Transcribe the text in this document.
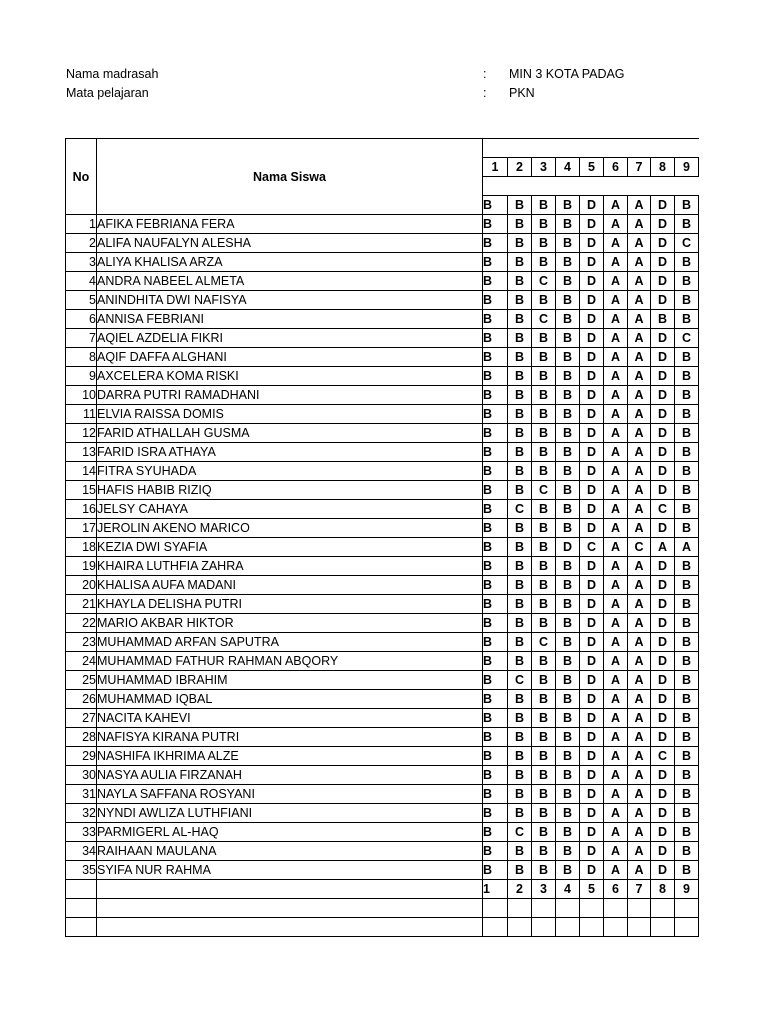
Nama madrasah	: MIN 3 KOTA PADAG
Mata pelajaran	: PKN
No	Nama Siswa									
		1	2	3	4	5	6	7	8	9

		B	B	B	B	D	A	A	D	B
1	AFIKA FEBRIANA FERA	B	B	B	B	D	A	A	D	B
2	ALIFA NAUFALYN ALESHA	B	B	B	B	D	A	A	D	C
3	ALIYA KHALISA ARZA	B	B	B	B	D	A	A	D	B
4	ANDRA NABEEL ALMETA	B	B	C	B	D	A	A	D	B
5	ANINDHITA DWI NAFISYA	B	B	B	B	D	A	A	D	B
6	ANNISA FEBRIANI	B	B	C	B	D	A	A	B	B
7	AQIEL AZDELIA FIKRI	B	B	B	B	D	A	A	D	C
8	AQIF DAFFA ALGHANI	B	B	B	B	D	A	A	D	B
9	AXCELERA KOMA RISKI	B	B	B	B	D	A	A	D	B
10	DARRA PUTRI RAMADHANI	B	B	B	B	D	A	A	D	B
11	ELVIA RAISSA DOMIS	B	B	B	B	D	A	A	D	B
12	FARID ATHALLAH GUSMA	B	B	B	B	D	A	A	D	B
13	FARID ISRA ATHAYA	B	B	B	B	D	A	A	D	B
14	FITRA SYUHADA	B	B	B	B	D	A	A	D	B
15	HAFIS HABIB RIZIQ	B	B	C	B	D	A	A	D	B
16	JELSY CAHAYA	B	C	B	B	D	A	A	C	B
17	JEROLIN AKENO MARICO	B	B	B	B	D	A	A	D	B
18	KEZIA DWI SYAFIA	B	B	B	D	C	A	C	A	A
19	KHAIRA LUTHFIA ZAHRA	B	B	B	B	D	A	A	D	B
20	KHALISA AUFA MADANI	B	B	B	B	D	A	A	D	B
21	KHAYLA DELISHA PUTRI	B	B	B	B	D	A	A	D	B
22	MARIO AKBAR HIKTOR	B	B	B	B	D	A	A	D	B
23	MUHAMMAD ARFAN SAPUTRA	B	B	C	B	D	A	A	D	B
24	MUHAMMAD FATHUR RAHMAN ABQORY	B	B	B	B	D	A	A	D	B
25	MUHAMMAD IBRAHIM	B	C	B	B	D	A	A	D	B
26	MUHAMMAD IQBAL	B	B	B	B	D	A	A	D	B
27	NACITA KAHEVI	B	B	B	B	D	A	A	D	B
28	NAFISYA KIRANA PUTRI	B	B	B	B	D	A	A	D	B
29	NASHIFA IKHRIMA ALZE	B	B	B	B	D	A	A	C	B
30	NASYA AULIA FIRZANAH	B	B	B	B	D	A	A	D	B
31	NAYLA SAFFANA ROSYANI	B	B	B	B	D	A	A	D	B
32	NYNDI AWLIZA LUTHFIANI	B	B	B	B	D	A	A	D	B
33	PARMIGERL AL-HAQ	B	C	B	B	D	A	A	D	B
34	RAIHAAN MAULANA	B	B	B	B	D	A	A	D	B
35	SYIFA NUR RAHMA	B	B	B	B	D	A	A	D	B
		1	2	3	4	5	6	7	8	9
